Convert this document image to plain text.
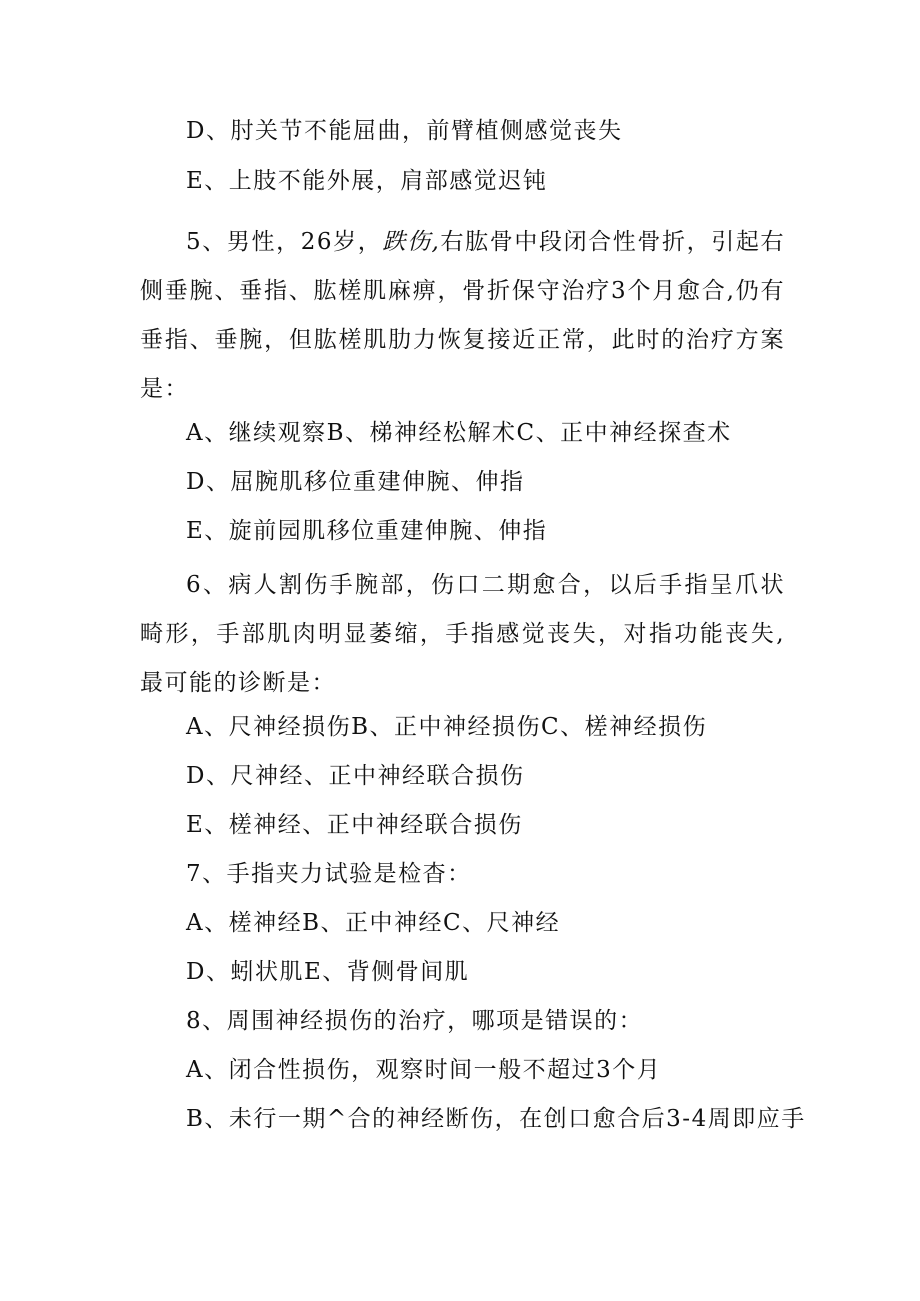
D、肘关节不能屈曲，前臂植侧感觉丧失
E、上肢不能外展，肩部感觉迟钝

5、男性，26岁，跌伤,右肱骨中段闭合性骨折，引起右侧垂腕、垂指、肱槎肌麻痹，骨折保守治疗3个月愈合,仍有垂指、垂腕，但肱槎肌肋力恢复接近正常，此时的治疗方案是：

A、继续观察B、梯神经松解术C、正中神经探查术
D、屈腕肌移位重建伸腕、伸指
E、旋前园肌移位重建伸腕、伸指

6、病人割伤手腕部，伤口二期愈合，以后手指呈爪状畸形，手部肌肉明显萎缩，手指感觉丧失，对指功能丧失,最可能的诊断是：

A、尺神经损伤B、正中神经损伤C、槎神经损伤
D、尺神经、正中神经联合损伤
E、槎神经、正中神经联合损伤
7、手指夹力试验是检杳：
A、槎神经B、正中神经C、尺神经
D、蚓状肌E、背侧骨间肌
8、周围神经损伤的治疗，哪项是错误的：
A、闭合性损伤，观察时间一般不超过3个月
B、未行一期^合的神经断伤，在创口愈合后3-4周即应手
